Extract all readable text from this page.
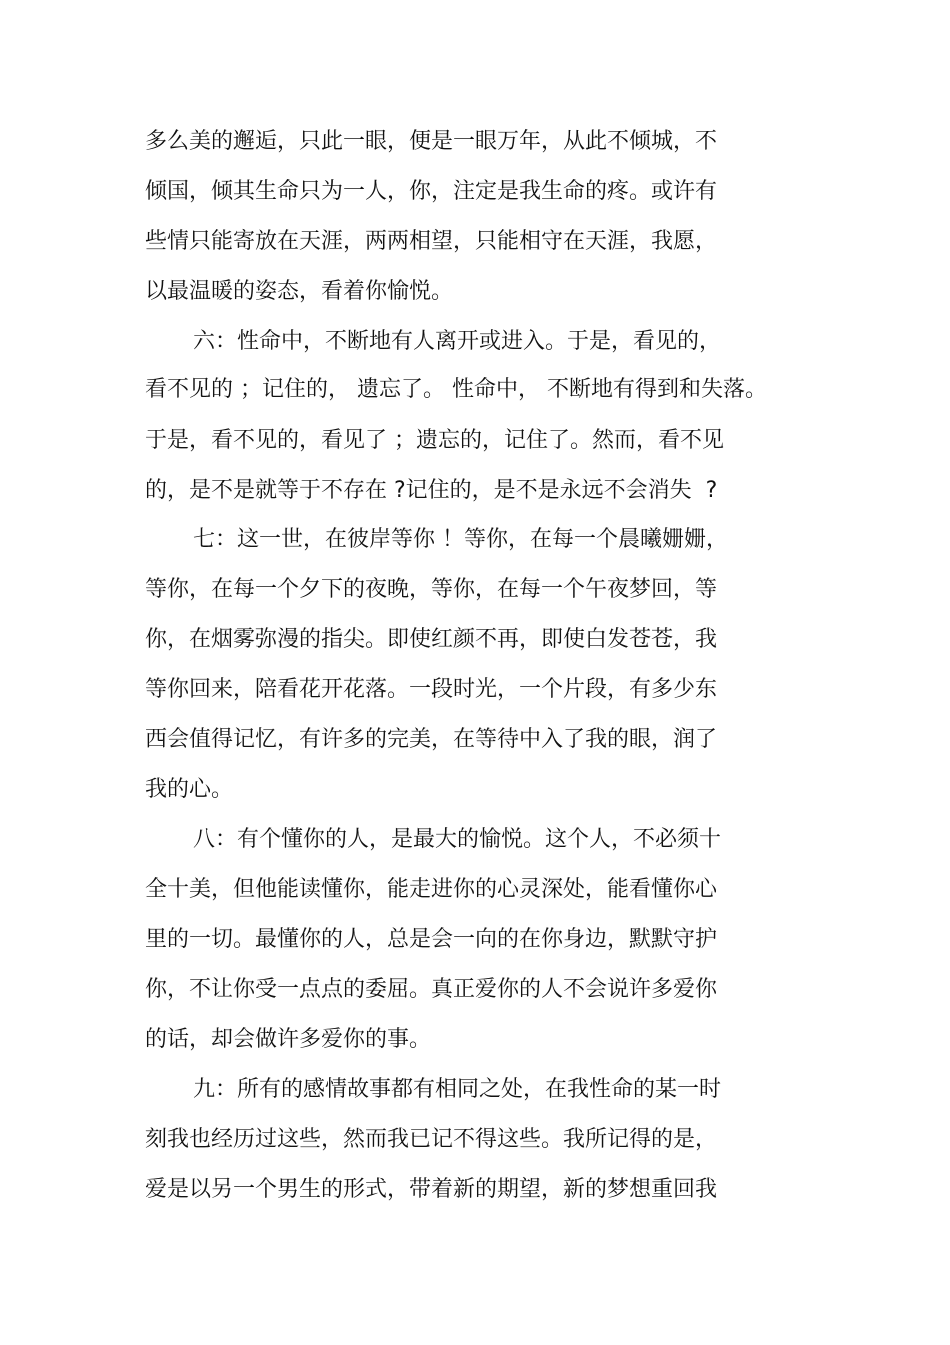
多么美的邂逅，只此一眼，便是一眼万年，从此不倾城，不
倾国，倾其生命只为一人，你，注定是我生命的疼。或许有
些情只能寄放在天涯，两两相望，只能相守在天涯，我愿，
以最温暖的姿态，看着你愉悦。
六：性命中，不断地有人离开或进入。于是，看见的，
看不见的 ；记住的， 遗忘了。 性命中， 不断地有得到和失落。
于是，看不见的，看见了 ；遗忘的，记住了。然而，看不见
的，是不是就等于不存在 ?记住的，是不是永远不会消失  ?
七：这一世，在彼岸等你 ！等你，在每一个晨曦姗姗，
等你，在每一个夕下的夜晚，等你，在每一个午夜梦回，等
你，在烟雾弥漫的指尖。即使红颜不再，即使白发苍苍，我
等你回来，陪看花开花落。一段时光，一个片段，有多少东
西会值得记忆，有许多的完美，在等待中入了我的眼，润了
我的心。
八：有个懂你的人，是最大的愉悦。这个人，不必须十
全十美，但他能读懂你，能走进你的心灵深处，能看懂你心
里的一切。最懂你的人，总是会一向的在你身边，默默守护
你，不让你受一点点的委屈。真正爱你的人不会说许多爱你
的话，却会做许多爱你的事。
九：所有的感情故事都有相同之处，在我性命的某一时
刻我也经历过这些，然而我已记不得这些。我所记得的是，
爱是以另一个男生的形式，带着新的期望，新的梦想重回我
